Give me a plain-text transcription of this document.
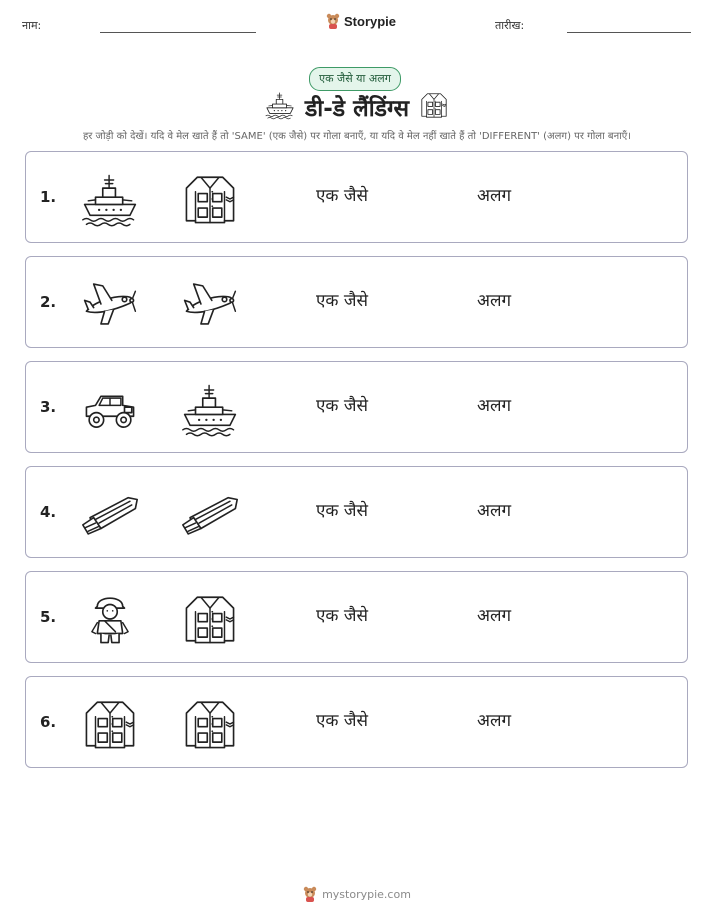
नाम:	Storypie	तारीख:
एक जैसे या अलग
डी-डे लैंडिंग्स
हर जोड़ी को देखें। यदि वे मेल खाते हैं तो 'SAME' (एक जैसे) पर गोला बनाएँ, या यदि वे मेल नहीं खाते हैं तो 'DIFFERENT' (अलग) पर गोला बनाएँ।
1.	एक जैसे	अलग
2.	एक जैसे	अलग
3.	एक जैसे	अलग
4.	एक जैसे	अलग
5.	एक जैसे	अलग
6.	एक जैसे	अलग
mystorypie.com
